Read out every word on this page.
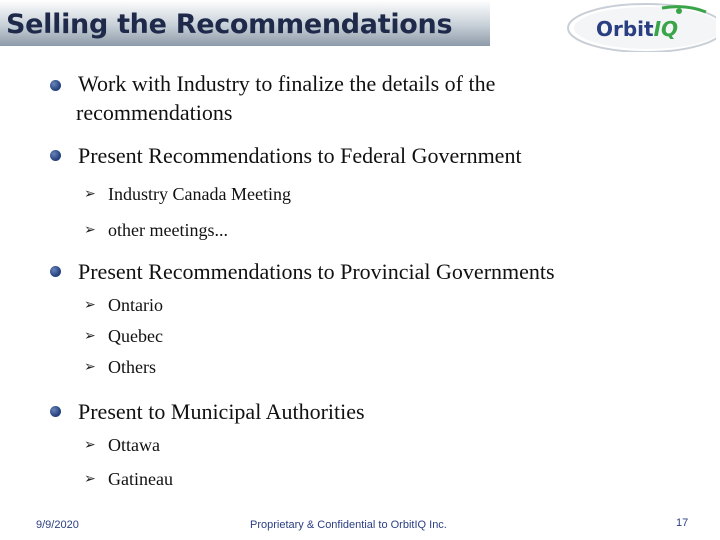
Selling the Recommendations	OrbitIQ
Work with Industry to finalize the details of the
recommendations
Present Recommendations to Federal Government
➢ Industry Canada Meeting
➢ other meetings...
Present Recommendations to Provincial Governments
➢ Ontario
➢ Quebec
➢ Others
Present to Municipal Authorities
➢ Ottawa
➢ Gatineau
9/9/2020	Proprietary & Confidential to OrbitIQ Inc.	17
